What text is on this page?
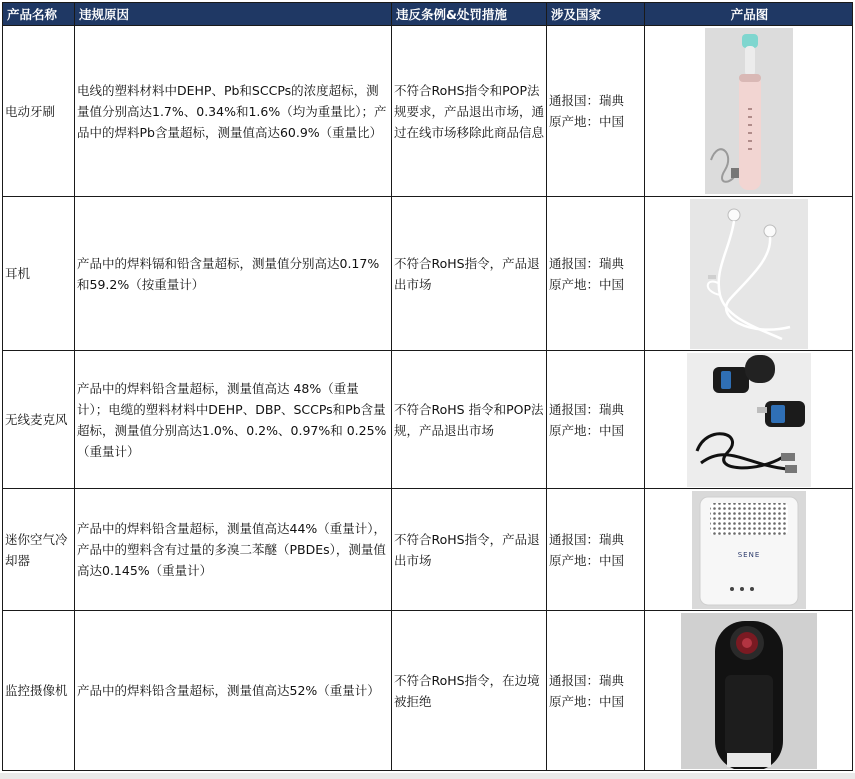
产品名称	违规原因	违反条例&处罚措施	涉及国家	产品图
电动牙刷	电线的塑料材料中DEHP、Pb和SCCPs的浓度超标，测量值分别高达1.7%、0.34%和1.6%（均为重量比）；产品中的焊料Pb含量超标，测量值高达60.9%（重量比）	不符合RoHS指令和POP法规要求，产品退出市场，通过在线市场移除此商品信息	通报国：瑞典
原产地：中国

耳机	产品中的焊料镉和铅含量超标，测量值分别高达0.17%和59.2%（按重量计）	不符合RoHS指令，产品退出市场	通报国：瑞典
原产地：中国

无线麦克风	产品中的焊料铅含量超标，测量值高达 48%（重量计）；电缆的塑料材料中DEHP、DBP、SCCPs和Pb含量超标，测量值分别高达1.0%、0.2%、0.97%和 0.25%（重量计）	不符合RoHS 指令和POP法规，产品退出市场	通报国：瑞典
原产地：中国

迷你空气冷却器	产品中的焊料铅含量超标，测量值高达44%（重量计），产品中的塑料含有过量的多溴二苯醚（PBDEs），测量值高达0.145%（重量计）	不符合RoHS指令，产品退出市场	通报国：瑞典
原产地：中国	SENE

监控摄像机	产品中的焊料铅含量超标，测量值高达52%（重量计）	不符合RoHS指令，在边境被拒绝	通报国：瑞典
原产地：中国
